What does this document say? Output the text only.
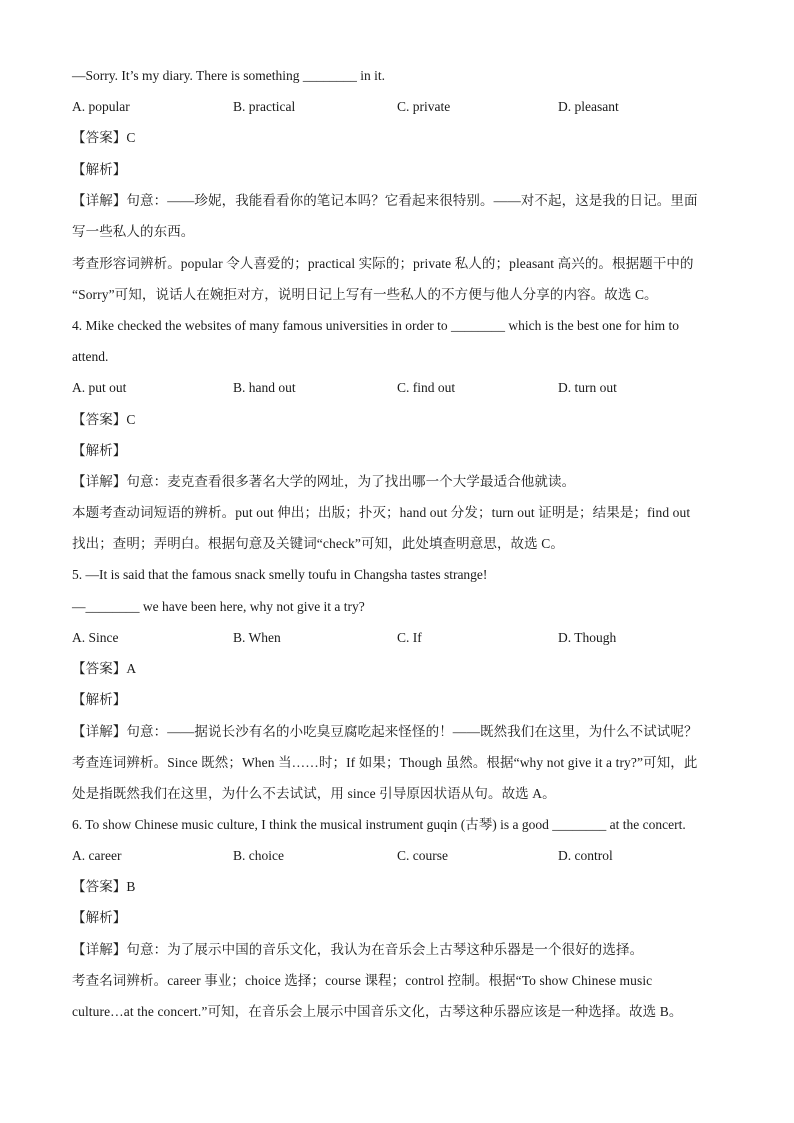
—Sorry. It’s my diary. There is something ________ in it.
A. popular	B. practical	C. private	D. pleasant
【答案】C
【解析】
【详解】句意：——珍妮，我能看看你的笔记本吗？它看起来很特别。——对不起，这是我的日记。里面
写一些私人的东西。
考查形容词辨析。popular 令人喜爱的；practical 实际的；private 私人的；pleasant 高兴的。根据题干中的
“Sorry”可知，说话人在婉拒对方，说明日记上写有一些私人的不方便与他人分享的内容。故选 C。
4. Mike checked the websites of many famous universities in order to ________ which is the best one for him to
attend.
A. put out	B. hand out	C. find out	D. turn out
【答案】C
【解析】
【详解】句意：麦克查看很多著名大学的网址，为了找出哪一个大学最适合他就读。
本题考查动词短语的辨析。put out 伸出；出版；扑灭；hand out 分发；turn out 证明是；结果是；find out
找出；查明；弄明白。根据句意及关键词“check”可知，此处填查明意思，故选 C。
5. —It is said that the famous snack smelly toufu in Changsha tastes strange!
—________ we have been here, why not give it a try?
A. Since	B. When	C. If	D. Though
【答案】A
【解析】
【详解】句意：——据说长沙有名的小吃臭豆腐吃起来怪怪的！——既然我们在这里，为什么不试试呢？
考查连词辨析。Since 既然；When 当……时；If 如果；Though 虽然。根据“why not give it a try?”可知，此
处是指既然我们在这里，为什么不去试试，用 since 引导原因状语从句。故选 A。
6. To show Chinese music culture, I think the musical instrument guqin (古琴) is a good ________ at the concert.
A. career	B. choice	C. course	D. control
【答案】B
【解析】
【详解】句意：为了展示中国的音乐文化，我认为在音乐会上古琴这种乐器是一个很好的选择。
考查名词辨析。career 事业；choice 选择；course 课程；control 控制。根据“To show Chinese music
culture…at the concert.”可知，在音乐会上展示中国音乐文化，古琴这种乐器应该是一种选择。故选 B。
